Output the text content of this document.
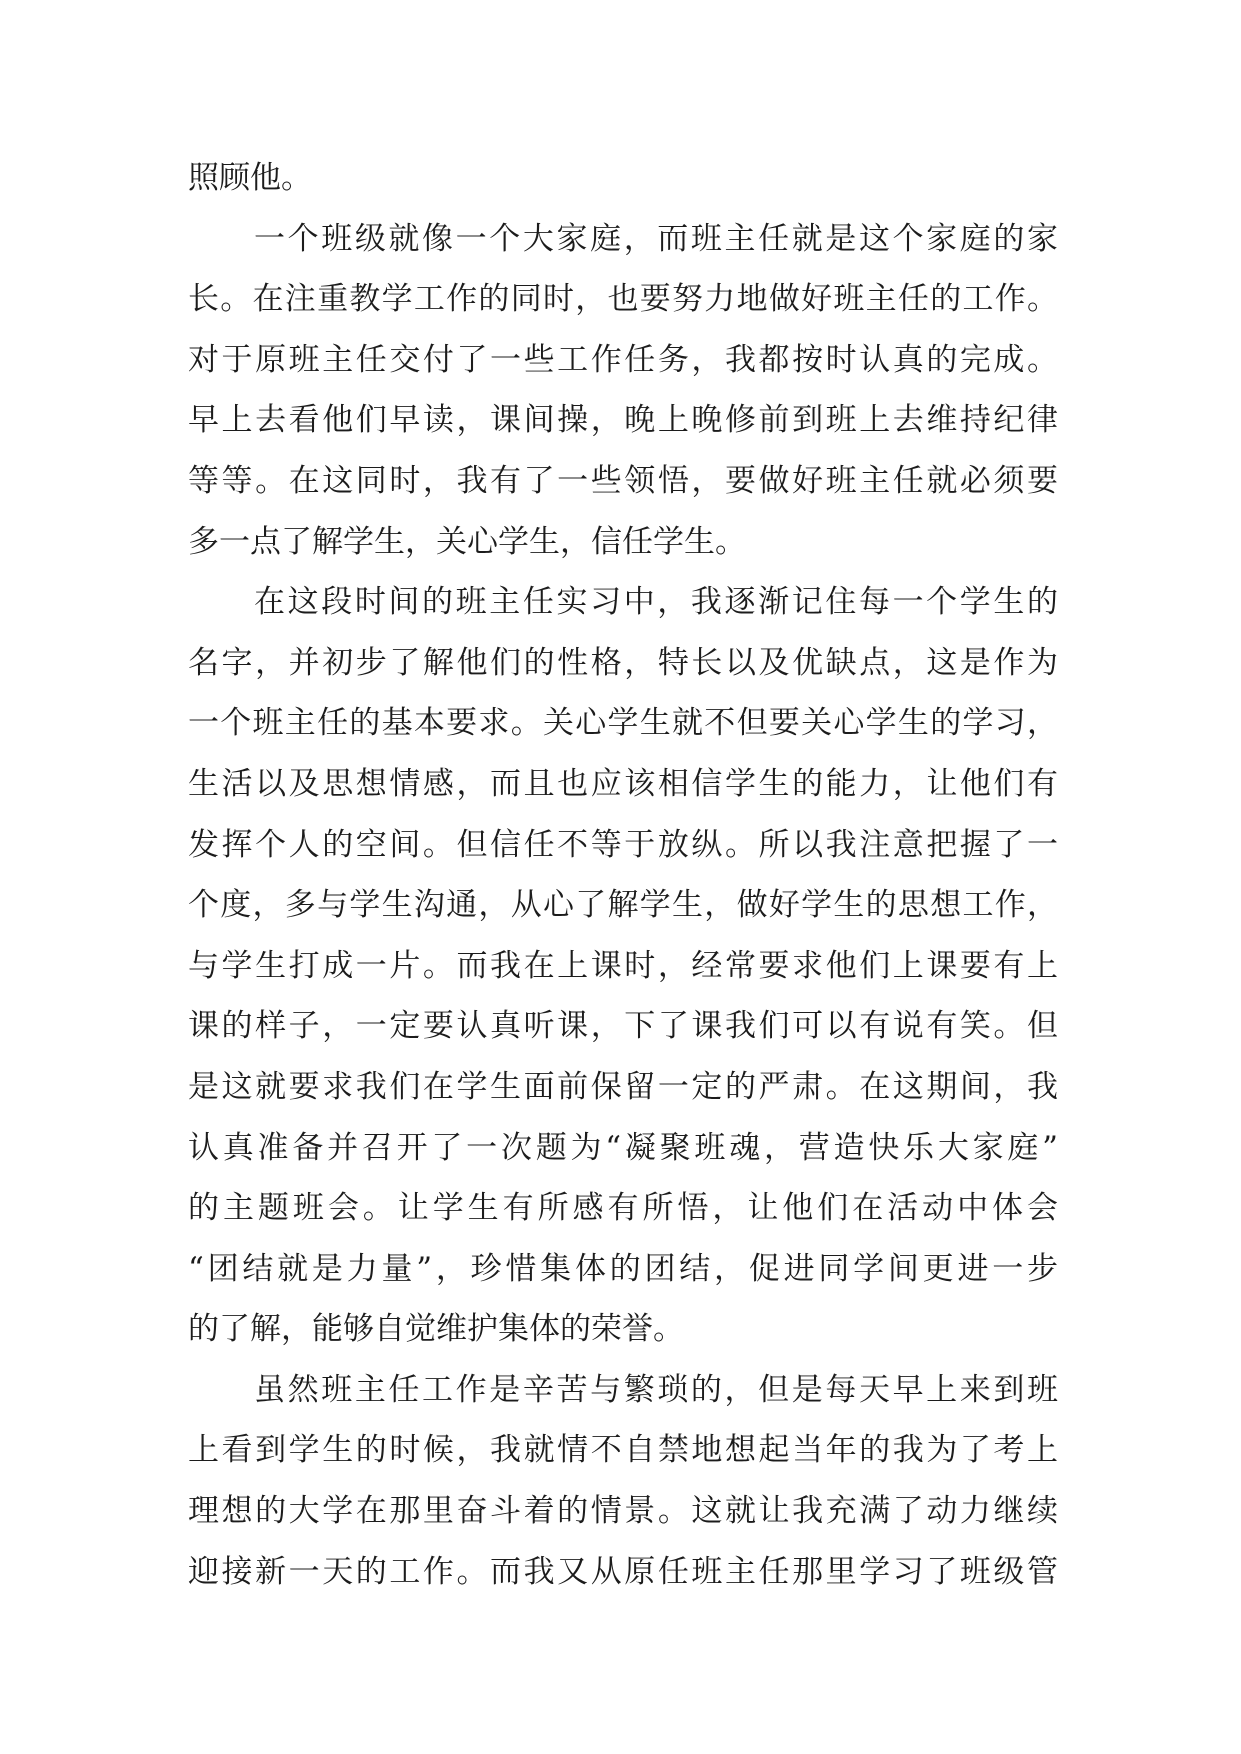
照顾他。
一个班级就像一个大家庭，而班主任就是这个家庭的家
长。在注重教学工作的同时，也要努力地做好班主任的工作。
对于原班主任交付了一些工作任务，我都按时认真的完成。
早上去看他们早读，课间操，晚上晚修前到班上去维持纪律
等等。在这同时，我有了一些领悟，要做好班主任就必须要
多一点了解学生，关心学生，信任学生。
在这段时间的班主任实习中，我逐渐记住每一个学生的
名字，并初步了解他们的性格，特长以及优缺点，这是作为
一个班主任的基本要求。关心学生就不但要关心学生的学习，
生活以及思想情感，而且也应该相信学生的能力，让他们有
发挥个人的空间。但信任不等于放纵。所以我注意把握了一
个度，多与学生沟通，从心了解学生，做好学生的思想工作，
与学生打成一片。而我在上课时，经常要求他们上课要有上
课的样子，一定要认真听课，下了课我们可以有说有笑。但
是这就要求我们在学生面前保留一定的严肃。在这期间，我
认真准备并召开了一次题为“凝聚班魂，营造快乐大家庭”
的主题班会。让学生有所感有所悟，让他们在活动中体会
“团结就是力量”，珍惜集体的团结，促进同学间更进一步
的了解，能够自觉维护集体的荣誉。
虽然班主任工作是辛苦与繁琐的，但是每天早上来到班
上看到学生的时候，我就情不自禁地想起当年的我为了考上
理想的大学在那里奋斗着的情景。这就让我充满了动力继续
迎接新一天的工作。而我又从原任班主任那里学习了班级管
